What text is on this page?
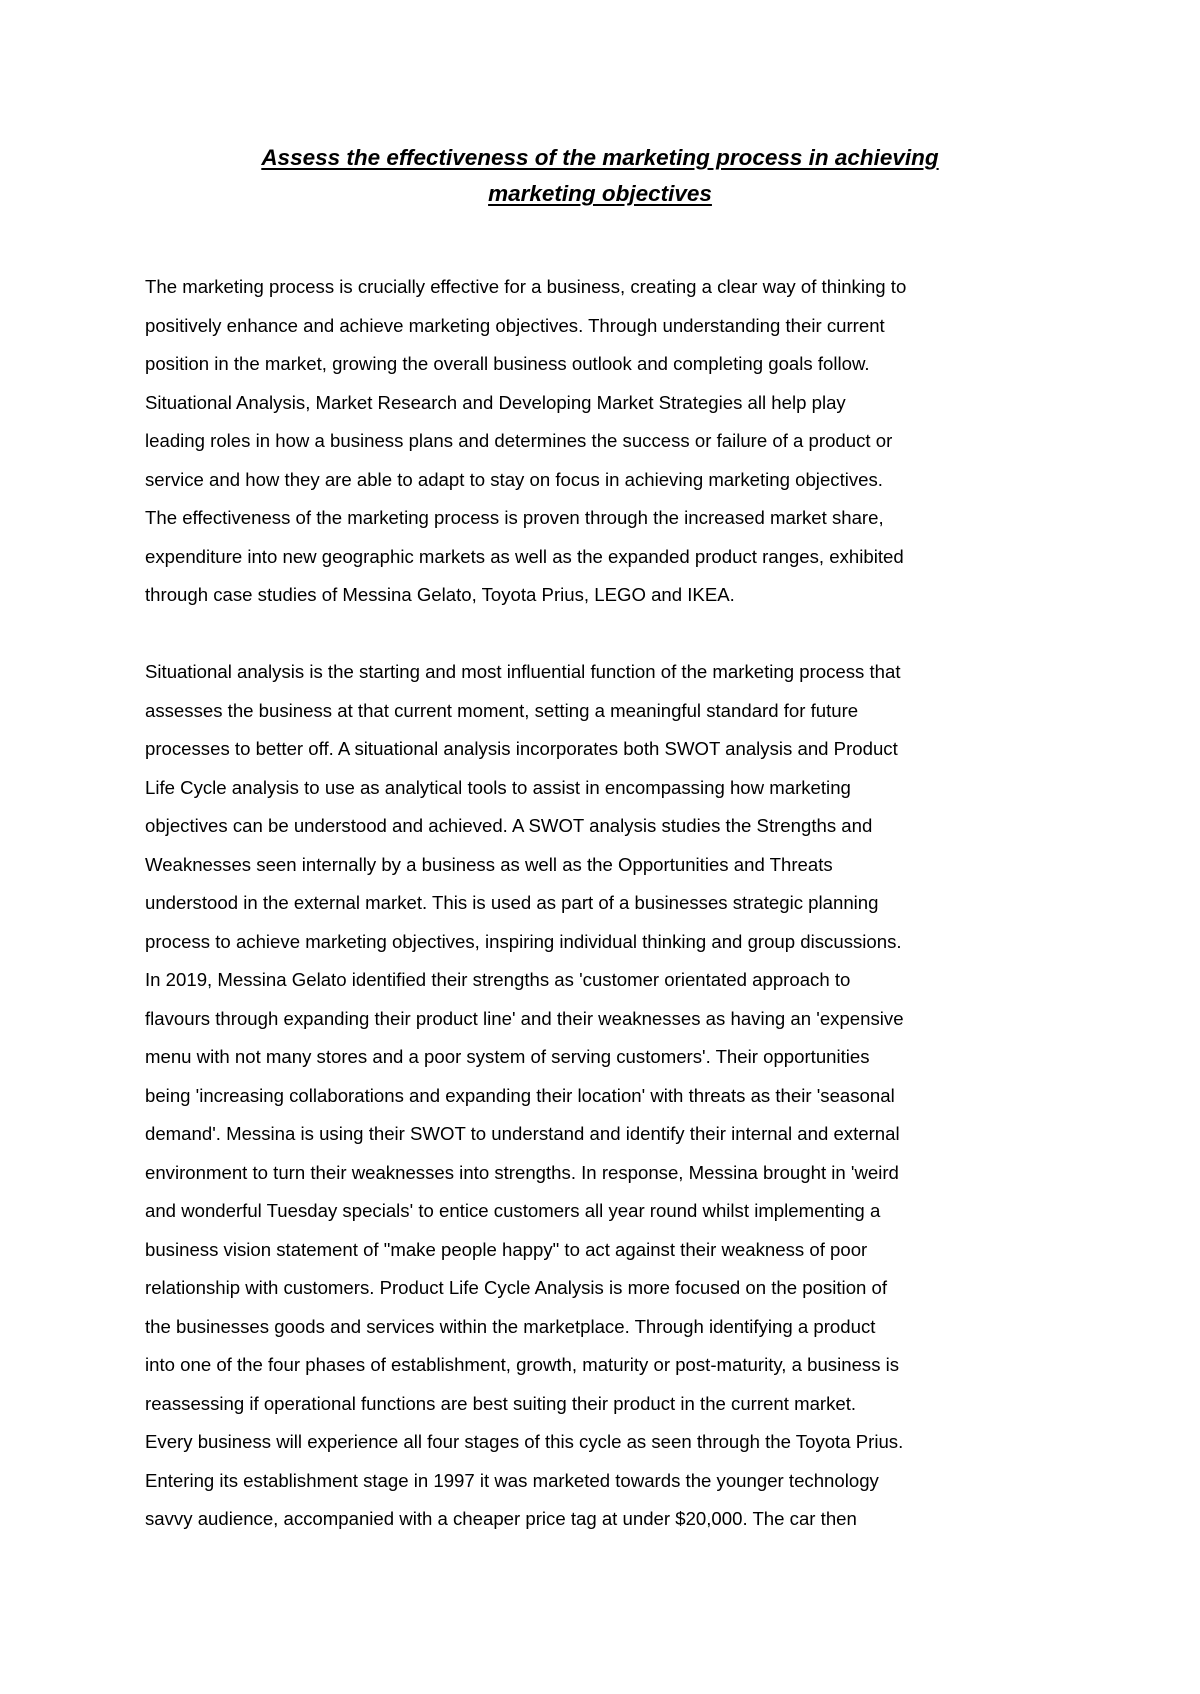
Assess the effectiveness of the marketing process in achieving
marketing objectives

The marketing process is crucially effective for a business, creating a clear way of thinking to
positively enhance and achieve marketing objectives. Through understanding their current
position in the market, growing the overall business outlook and completing goals follow.
Situational Analysis, Market Research and Developing Market Strategies all help play
leading roles in how a business plans and determines the success or failure of a product or
service and how they are able to adapt to stay on focus in achieving marketing objectives.
The effectiveness of the marketing process is proven through the increased market share,
expenditure into new geographic markets as well as the expanded product ranges, exhibited
through case studies of Messina Gelato, Toyota Prius, LEGO and IKEA.

Situational analysis is the starting and most influential function of the marketing process that
assesses the business at that current moment, setting a meaningful standard for future
processes to better off. A situational analysis incorporates both SWOT analysis and Product
Life Cycle analysis to use as analytical tools to assist in encompassing how marketing
objectives can be understood and achieved. A SWOT analysis studies the Strengths and
Weaknesses seen internally by a business as well as the Opportunities and Threats
understood in the external market. This is used as part of a businesses strategic planning
process to achieve marketing objectives, inspiring individual thinking and group discussions.
In 2019, Messina Gelato identified their strengths as 'customer orientated approach to
flavours through expanding their product line' and their weaknesses as having an 'expensive
menu with not many stores and a poor system of serving customers'. Their opportunities
being 'increasing collaborations and expanding their location' with threats as their 'seasonal
demand'. Messina is using their SWOT to understand and identify their internal and external
environment to turn their weaknesses into strengths. In response, Messina brought in 'weird
and wonderful Tuesday specials' to entice customers all year round whilst implementing a
business vision statement of "make people happy" to act against their weakness of poor
relationship with customers. Product Life Cycle Analysis is more focused on the position of
the businesses goods and services within the marketplace. Through identifying a product
into one of the four phases of establishment, growth, maturity or post-maturity, a business is
reassessing if operational functions are best suiting their product in the current market.
Every business will experience all four stages of this cycle as seen through the Toyota Prius.
Entering its establishment stage in 1997 it was marketed towards the younger technology
savvy audience, accompanied with a cheaper price tag at under $20,000. The car then
